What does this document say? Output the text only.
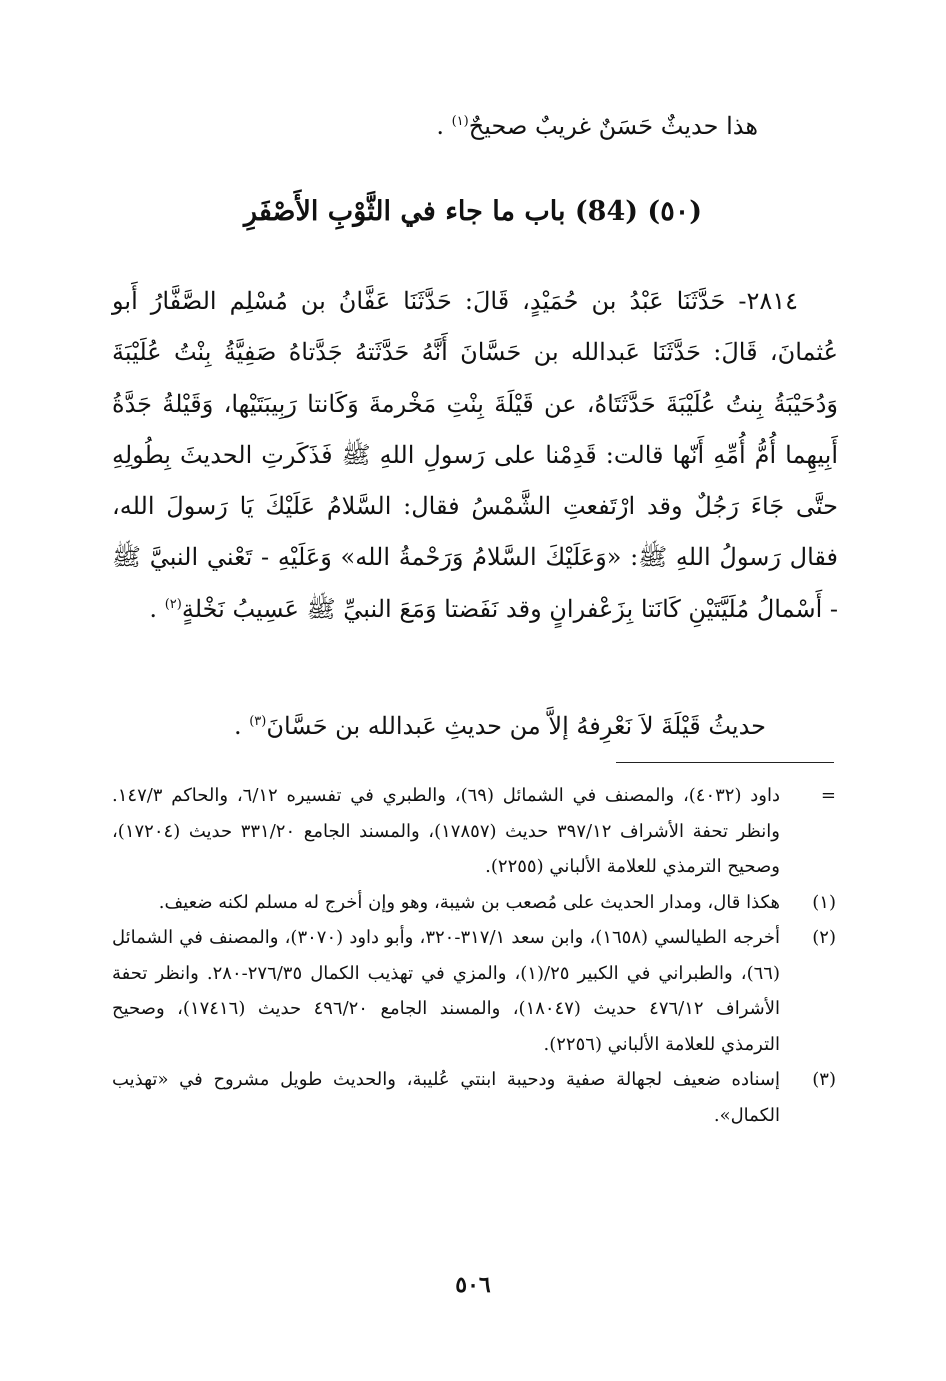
هذا حديثٌ حَسَنٌ غريبٌ صحيحٌ$^{(١)}$ .
(٥٠) (84) باب ما جاء في الثَّوْبِ الأَصْفَرِ

٢٨١٤- حَدَّثَنَا عَبْدُ بن حُمَيْدٍ، قَالَ: حَدَّثَنَا عَفَّانُ بن مُسْلِم الصَّفَّارُ أَبو عُثمانَ، قَالَ: حَدَّثَنَا عَبدالله بن حَسَّانَ أَنَّهُ حَدَّثَتهُ جَدَّتاهُ صَفِيَّةُ بِنْتُ عُلَيْبَةَ وَدُحَيْبَةُ بِنتُ عُلَيْبَةَ حَدَّثَتَاهُ، عن قَيْلَةَ بِنْتِ مَخْرمةَ وَكَانتا رَبِيبَتَيْها، وَقَيْلةُ جَدَّةُ أَبِيهِما أُمُّ أُمِّهِ أَنّها قالت: قَدِمْنا على رَسولِ اللهِ ﷺ فَذَكَرتِ الحديثَ بِطُولِهِ حتَّى جَاءَ رَجُلٌ وقد ارْتَفعتِ الشَّمْسُ فقال: السَّلامُ عَلَيْكَ يَا رَسولَ الله، فقال رَسولُ اللهِ ﷺ: «وَعَلَيْكَ السَّلامُ وَرَحْمةُ الله» وَعَلَيْهِ - تَعْني النبيَّ ﷺ - أَسْمالُ مُلَيَّتَيْنِ كَانَتا بِزَعْفرانٍ وقد نَفَضتا وَمَعَ النبيِّ ﷺ عَسِيبُ نَخْلةٍ$^{(٢)}$ .

حديثُ قَيْلَةَ لاَ نَعْرِفهُ إلاَّ من حديثِ عَبدالله بن حَسَّانَ$^{(٣)}$ .
=
داود (٤٠٣٢)، والمصنف في الشمائل (٦٩)، والطبري في تفسيره ٦/١٢، والحاكم ١٤٧/٣. وانظر تحفة الأشراف ٣٩٧/١٢ حديث (١٧٨٥٧)، والمسند الجامع ٣٣١/٢٠ حديث (١٧٢٠٤)، وصحيح الترمذي للعلامة الألباني (٢٢٥٥).
(١)
هكذا قال، ومدار الحديث على مُصعب بن شيبة، وهو وإن أخرج له مسلم لكنه ضعيف.
(٢)
أخرجه الطيالسي (١٦٥٨)، وابن سعد ٣١٧/١-٣٢٠، وأبو داود (٣٠٧٠)، والمصنف في الشمائل (٦٦)، والطبراني في الكبير ٢٥/(١)، والمزي في تهذيب الكمال ٢٧٦/٣٥-٢٨٠. وانظر تحفة الأشراف ٤٧٦/١٢ حديث (١٨٠٤٧)، والمسند الجامع ٤٩٦/٢٠ حديث (١٧٤١٦)، وصحيح الترمذي للعلامة الألباني (٢٢٥٦).
(٣)
إسناده ضعيف لجهالة صفية ودحيبة ابنتي عُليبة، والحديث طويل مشروح في «تهذيب الكمال».
٥٠٦
